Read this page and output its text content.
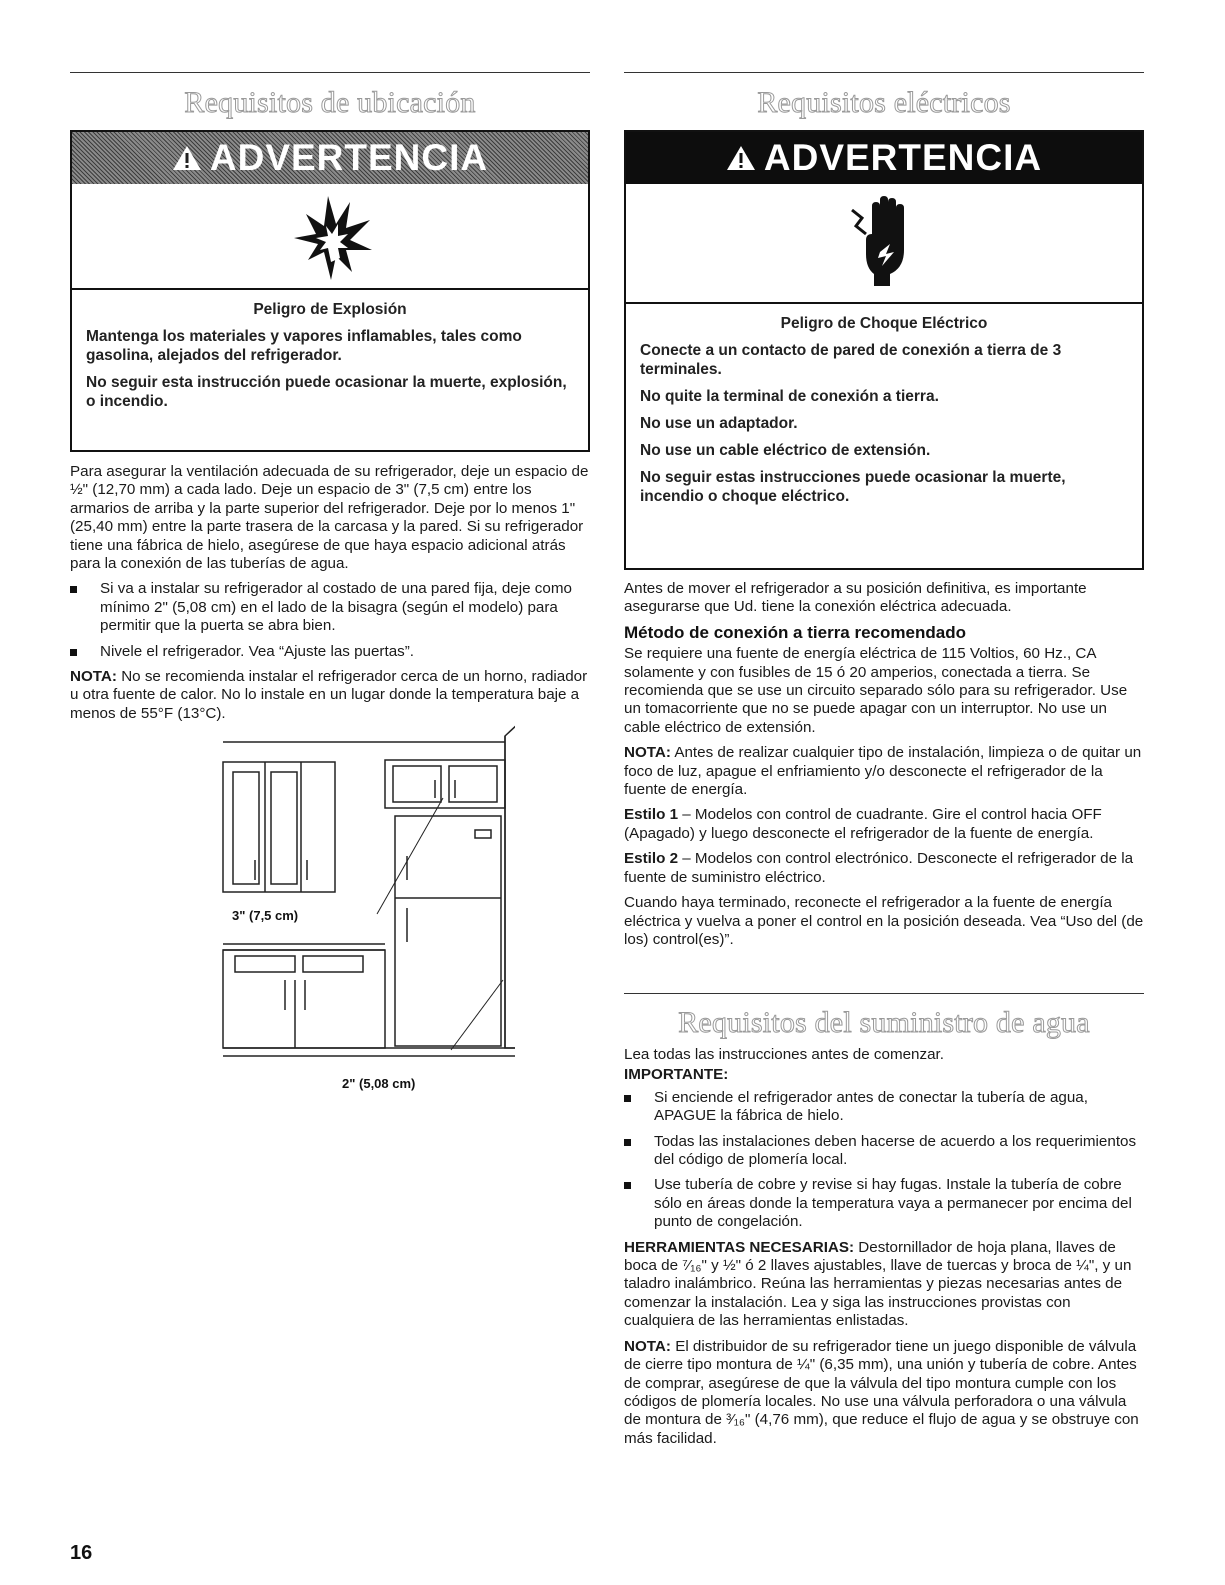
Requisitos de ubicación
ADVERTENCIA
Peligro de Explosión

Mantenga los materiales y vapores inflamables, tales como gasolina, alejados del refrigerador.

No seguir esta instrucción puede ocasionar la muerte, explosión, o incendio.

Para asegurar la ventilación adecuada de su refrigerador, deje un espacio de ½" (12,70 mm) a cada lado. Deje un espacio de 3" (7,5 cm) entre los armarios de arriba y la parte superior del refrigerador. Deje por lo menos 1" (25,40 mm) entre la parte trasera de la carcasa y la pared. Si su refrigerador tiene una fábrica de hielo, asegúrese de que haya espacio adicional atrás para la conexión de las tuberías de agua.

Si va a instalar su refrigerador al costado de una pared fija, deje como mínimo 2" (5,08 cm) en el lado de la bisagra (según el modelo) para permitir que la puerta se abra bien.
Nivele el refrigerador. Vea “Ajuste las puertas”.

NOTA: No se recomienda instalar el refrigerador cerca de un horno, radiador u otra fuente de calor. No lo instale en un lugar donde la temperatura baje a menos de 55°F (13°C).

3" (7,5 cm)
2" (5,08 cm)
Requisitos eléctricos
ADVERTENCIA
Peligro de Choque Eléctrico

Conecte a un contacto de pared de conexión a tierra de 3 terminales.

No quite la terminal de conexión a tierra.

No use un adaptador.

No use un cable eléctrico de extensión.

No seguir estas instrucciones puede ocasionar la muerte, incendio o choque eléctrico.

Antes de mover el refrigerador a su posición definitiva, es importante asegurarse que Ud. tiene la conexión eléctrica adecuada.

Método de conexión a tierra recomendado

Se requiere una fuente de energía eléctrica de 115 Voltios, 60 Hz., CA solamente y con fusibles de 15 ó 20 amperios, conectada a tierra. Se recomienda que se use un circuito separado sólo para su refrigerador. Use un tomacorriente que no se puede apagar con un interruptor. No use un cable eléctrico de extensión.

NOTA: Antes de realizar cualquier tipo de instalación, limpieza o de quitar un foco de luz, apague el enfriamiento y/o desconecte el refrigerador de la fuente de energía.

Estilo 1 – Modelos con control de cuadrante. Gire el control hacia OFF (Apagado) y luego desconecte el refrigerador de la fuente de energía.

Estilo 2 – Modelos con control electrónico. Desconecte el refrigerador de la fuente de suministro eléctrico.

Cuando haya terminado, reconecte el refrigerador a la fuente de energía eléctrica y vuelva a poner el control en la posición deseada. Vea “Uso del (de los) control(es)”.

Requisitos del suministro de agua

Lea todas las instrucciones antes de comenzar.

IMPORTANTE:

Si enciende el refrigerador antes de conectar la tubería de agua, APAGUE la fábrica de hielo.
Todas las instalaciones deben hacerse de acuerdo a los requerimientos del código de plomería local.
Use tubería de cobre y revise si hay fugas. Instale la tubería de cobre sólo en áreas donde la temperatura vaya a permanecer por encima del punto de congelación.

HERRAMIENTAS NECESARIAS: Destornillador de hoja plana, llaves de boca de ⁷⁄₁₆" y ½" ó 2 llaves ajustables, llave de tuercas y broca de ¼", y un taladro inalámbrico. Reúna las herramientas y piezas necesarias antes de comenzar la instalación. Lea y siga las instrucciones provistas con cualquiera de las herramientas enlistadas.

NOTA: El distribuidor de su refrigerador tiene un juego disponible de válvula de cierre tipo montura de ¼" (6,35 mm), una unión y tubería de cobre. Antes de comprar, asegúrese de que la válvula del tipo montura cumple con los códigos de plomería locales. No use una válvula perforadora o una válvula de montura de ³⁄₁₆" (4,76 mm), que reduce el flujo de agua y se obstruye con más facilidad.

16
